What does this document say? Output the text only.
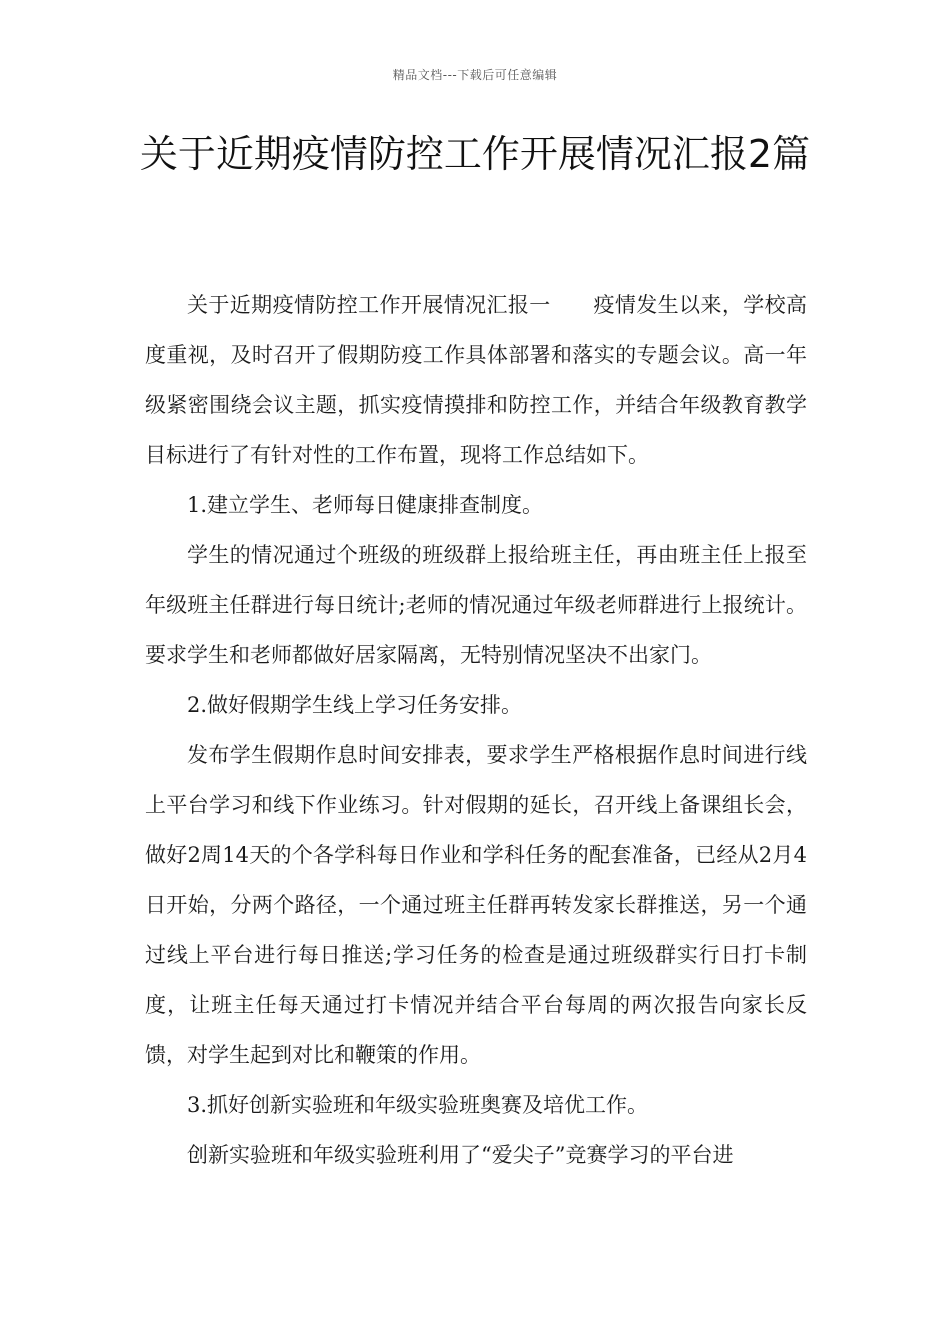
精品文档---下载后可任意编辑
关于近期疫情防控工作开展情况汇报2篇

关于近期疫情防控工作开展情况汇报一　　疫情发生以来，学校高度重视，及时召开了假期防疫工作具体部署和落实的专题会议。高一年级紧密围绕会议主题，抓实疫情摸排和防控工作，并结合年级教育教学目标进行了有针对性的工作布置，现将工作总结如下。

1.建立学生、老师每日健康排查制度。

学生的情况通过个班级的班级群上报给班主任，再由班主任上报至年级班主任群进行每日统计;老师的情况通过年级老师群进行上报统计。要求学生和老师都做好居家隔离，无特别情况坚决不出家门。

2.做好假期学生线上学习任务安排。

发布学生假期作息时间安排表，要求学生严格根据作息时间进行线上平台学习和线下作业练习。针对假期的延长，召开线上备课组长会，做好2周14天的个各学科每日作业和学科任务的配套准备，已经从2月4日开始，分两个路径，一个通过班主任群再转发家长群推送，另一个通过线上平台进行每日推送;学习任务的检查是通过班级群实行日打卡制度，让班主任每天通过打卡情况并结合平台每周的两次报告向家长反馈，对学生起到对比和鞭策的作用。

3.抓好创新实验班和年级实验班奥赛及培优工作。

创新实验班和年级实验班利用了“爱尖子”竞赛学习的平台进
